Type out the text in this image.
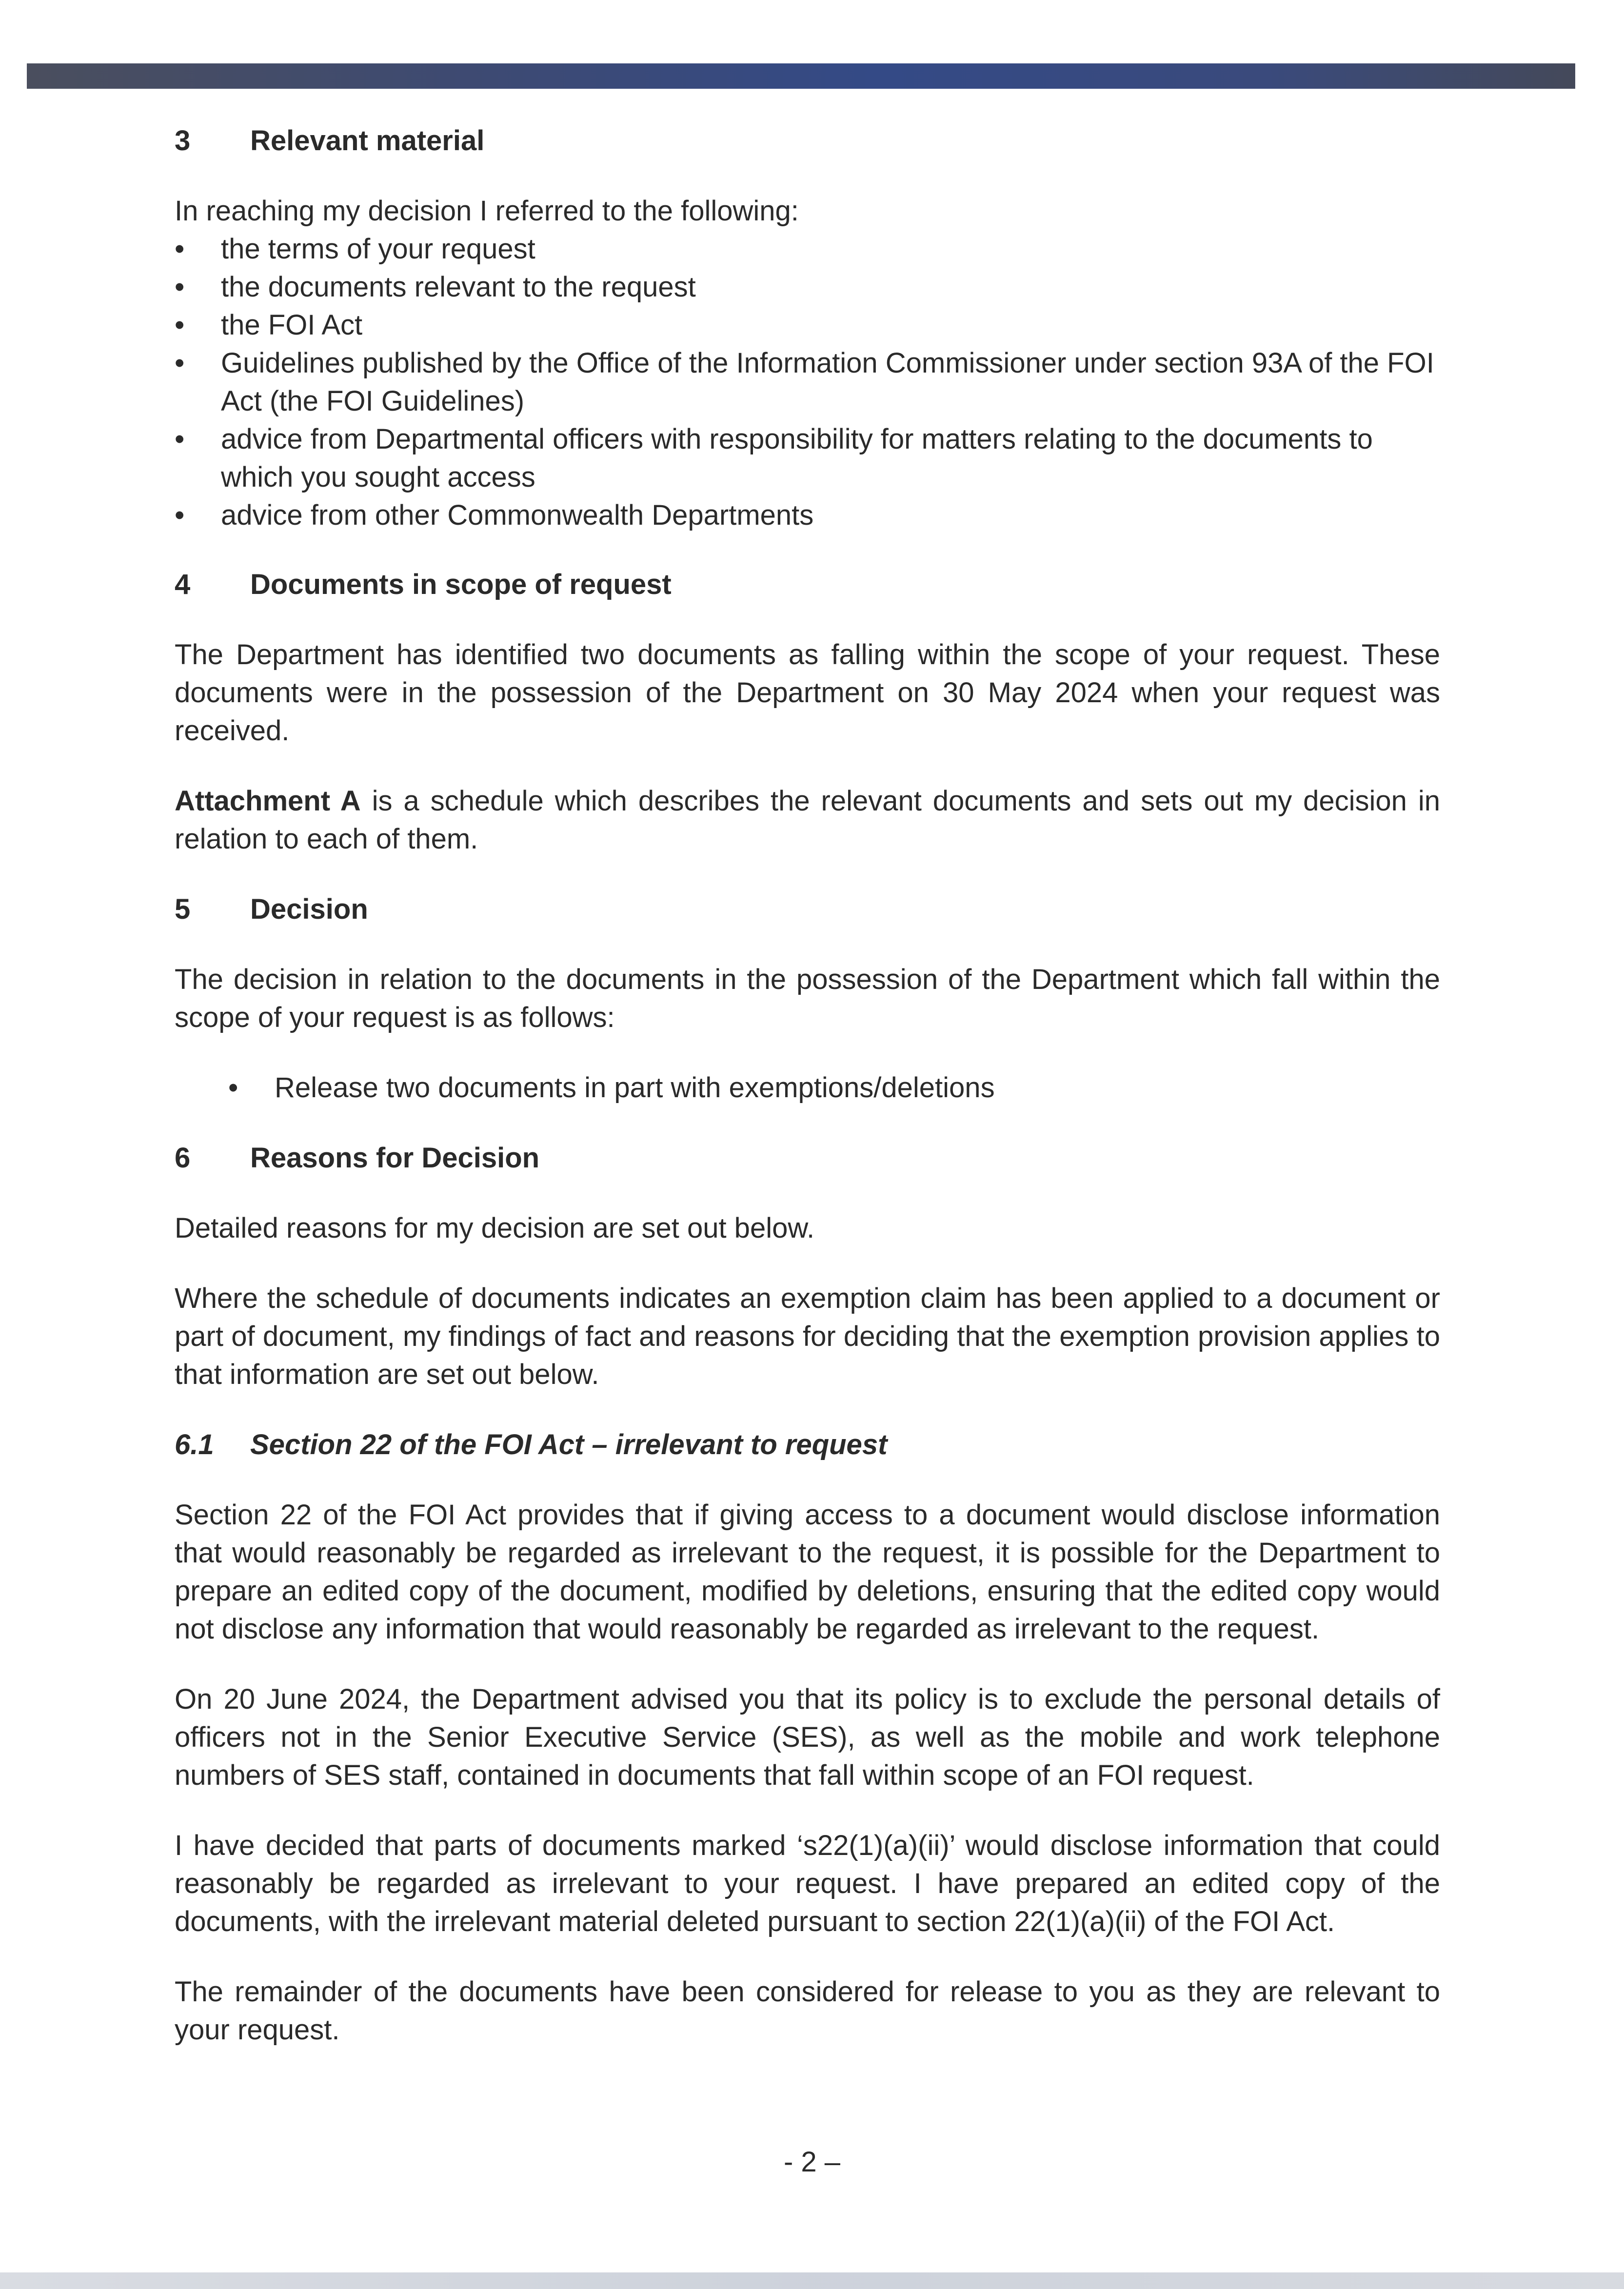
3	Relevant material

In reaching my decision I referred to the following:

• the terms of your request
• the documents relevant to the request
• the FOI Act
• Guidelines published by the Office of the Information Commissioner under section 93A of the FOI Act (the FOI Guidelines)
• advice from Departmental officers with responsibility for matters relating to the documents to which you sought access
• advice from other Commonwealth Departments
4	Documents in scope of request

The Department has identified two documents as falling within the scope of your request. These documents were in the possession of the Department on 30 May 2024 when your request was received.

Attachment A is a schedule which describes the relevant documents and sets out my decision in relation to each of them.

5	Decision

The decision in relation to the documents in the possession of the Department which fall within the scope of your request is as follows:

• Release two documents in part with exemptions/deletions
6	Reasons for Decision

Detailed reasons for my decision are set out below.

Where the schedule of documents indicates an exemption claim has been applied to a document or part of document, my findings of fact and reasons for deciding that the exemption provision applies to that information are set out below.

6.1	Section 22 of the FOI Act – irrelevant to request

Section 22 of the FOI Act provides that if giving access to a document would disclose information that would reasonably be regarded as irrelevant to the request, it is possible for the Department to prepare an edited copy of the document, modified by deletions, ensuring that the edited copy would not disclose any information that would reasonably be regarded as irrelevant to the request.

On 20 June 2024, the Department advised you that its policy is to exclude the personal details of officers not in the Senior Executive Service (SES), as well as the mobile and work telephone numbers of SES staff, contained in documents that fall within scope of an FOI request.

I have decided that parts of documents marked ‘s22(1)(a)(ii)’ would disclose information that could reasonably be regarded as irrelevant to your request. I have prepared an edited copy of the documents, with the irrelevant material deleted pursuant to section 22(1)(a)(ii) of the FOI Act.

The remainder of the documents have been considered for release to you as they are relevant to your request.

- 2 –
